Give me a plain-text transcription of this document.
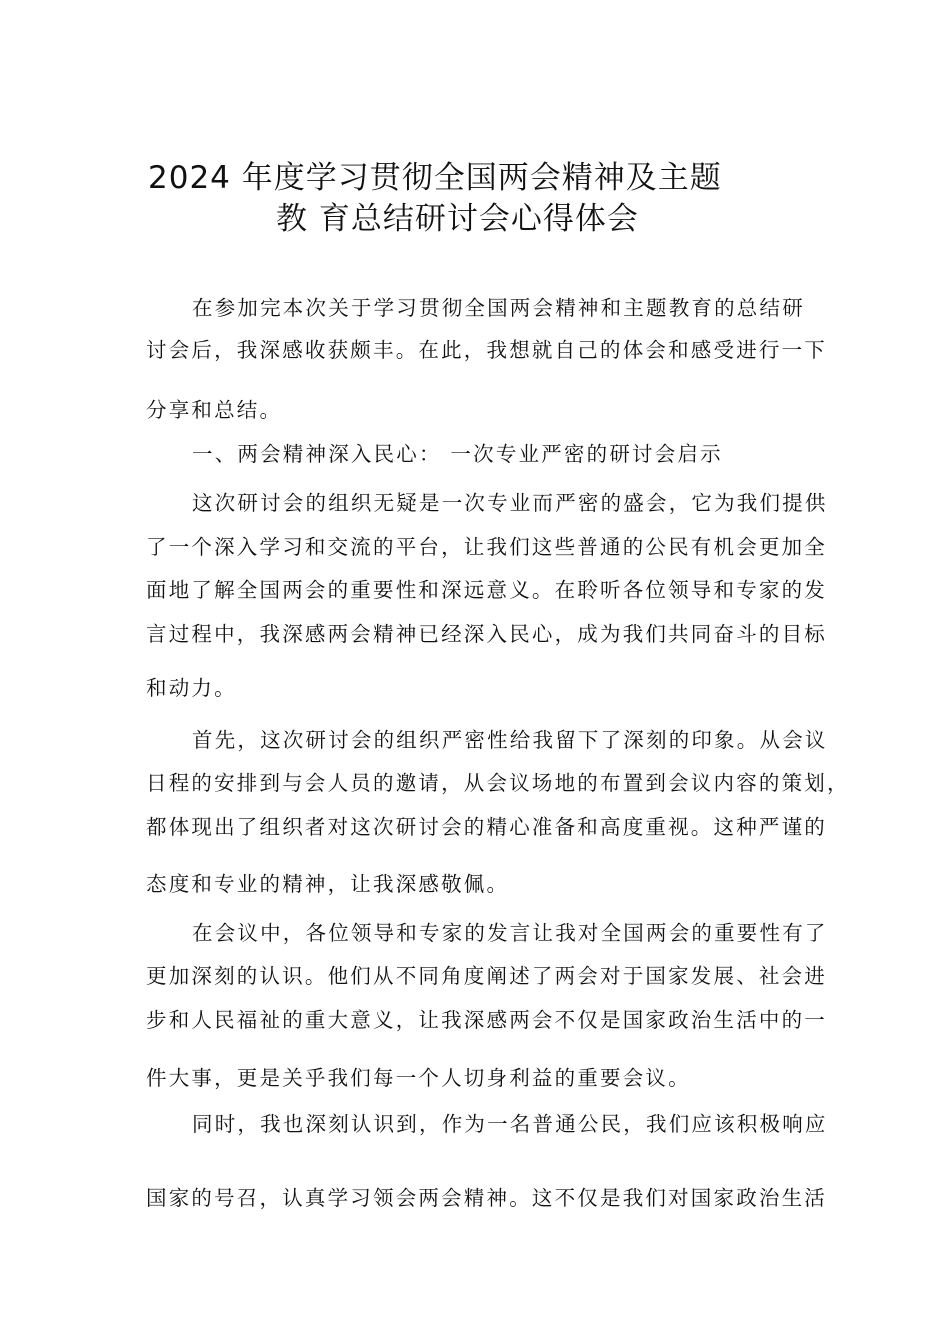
2024 年度学习贯彻全国两会精神及主题
教 育总结研讨会心得体会
在参加完本次关于学习贯彻全国两会精神和主题教育的总结研
讨会后，我深感收获颇丰。在此，我想就自己的体会和感受进行一下
分享和总结。
一、两会精神深入民心： 一次专业严密的研讨会启示
这次研讨会的组织无疑是一次专业而严密的盛会，它为我们提供
了一个深入学习和交流的平台，让我们这些普通的公民有机会更加全
面地了解全国两会的重要性和深远意义。在聆听各位领导和专家的发
言过程中，我深感两会精神已经深入民心，成为我们共同奋斗的目标
和动力。
首先，这次研讨会的组织严密性给我留下了深刻的印象。从会议
日程的安排到与会人员的邀请，从会议场地的布置到会议内容的策划，
都体现出了组织者对这次研讨会的精心准备和高度重视。这种严谨的
态度和专业的精神，让我深感敬佩。
在会议中，各位领导和专家的发言让我对全国两会的重要性有了
更加深刻的认识。他们从不同角度阐述了两会对于国家发展、社会进
步和人民福祉的重大意义，让我深感两会不仅是国家政治生活中的一
件大事，更是关乎我们每一个人切身利益的重要会议。
同时，我也深刻认识到，作为一名普通公民，我们应该积极响应
国家的号召，认真学习领会两会精神。这不仅是我们对国家政治生活
